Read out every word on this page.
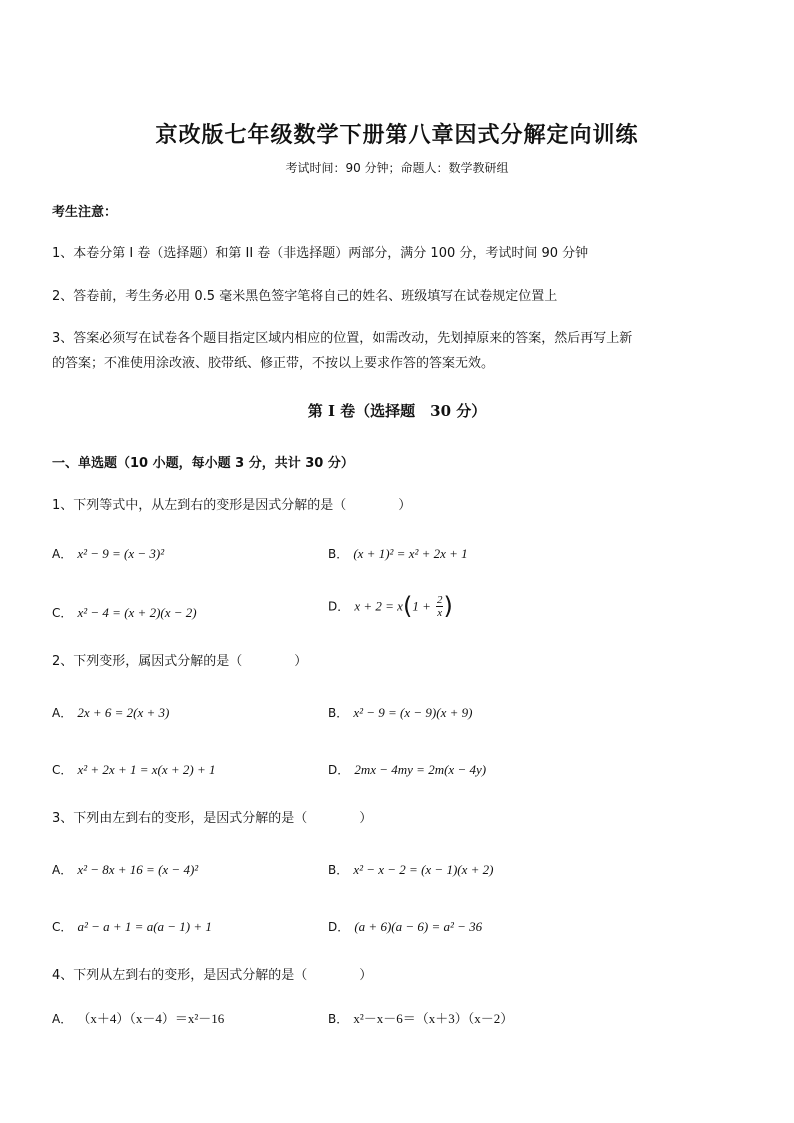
京改版七年级数学下册第八章因式分解定向训练
考试时间：90 分钟；命题人：数学教研组
考生注意：
1、本卷分第 I 卷（选择题）和第 II 卷（非选择题）两部分，满分 100 分，考试时间 90 分钟
2、答卷前，考生务必用 0.5 毫米黑色签字笔将自己的姓名、班级填写在试卷规定位置上
3、答案必须写在试卷各个题目指定区域内相应的位置，如需改动，先划掉原来的答案，然后再写上新
的答案；不准使用涂改液、胶带纸、修正带，不按以上要求作答的答案无效。
第 I 卷（选择题　30 分）
一、单选题（10 小题，每小题 3 分，共计 30 分）
1、下列等式中，从左到右的变形是因式分解的是（　　　　）
A． x² − 9 = (x − 3)²	B． (x + 1)² = x² + 2x + 1
C． x² − 4 = (x + 2)(x − 2)	D． $x + 2 = x(1 + \frac{2}{x}$ )
2、下列变形，属因式分解的是（　　　　）
A． 2x + 6 = 2(x + 3)	B． x² − 9 = (x − 9)(x + 9)
C． x² + 2x + 1 = x(x + 2) + 1	D． 2mx − 4my = 2m(x − 4y)
3、下列由左到右的变形，是因式分解的是（　　　　）
A． x² − 8x + 16 = (x − 4)²	B． x² − x − 2 = (x − 1)(x + 2)
C． a² − a + 1 = a(a − 1) + 1	D． (a + 6)(a − 6) = a² − 36
4、下列从左到右的变形，是因式分解的是（　　　　）
A． （x＋4）（x－4）＝x²－16	B． x²－x－6＝（x＋3）（x－2）
